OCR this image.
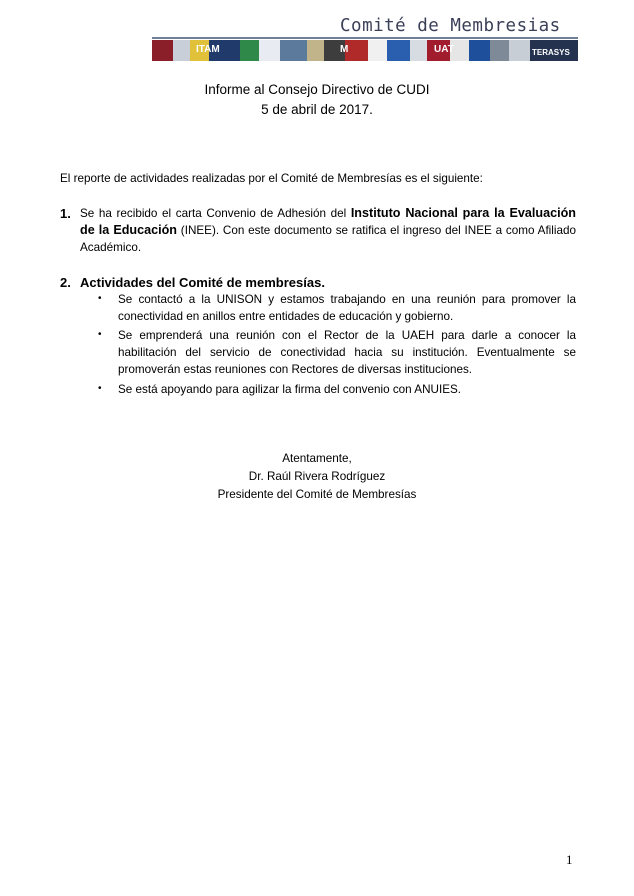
Comité de Membresias
ITAM	M	UAT	TERASYS
Informe al Consejo Directivo de CUDI
5 de abril de 2017.
El reporte de actividades realizadas por el Comité de Membresías es el siguiente:
1. Se ha recibido el carta Convenio de Adhesión del Instituto Nacional para la Evaluación de la Educación (INEE). Con este documento se ratifica el ingreso del INEE a como Afiliado Académico.
2. Actividades del Comité de membresías.
• Se contactó a la UNISON y estamos trabajando en una reunión para promover la conectividad en anillos entre entidades de educación y gobierno.
• Se emprenderá una reunión con el Rector de la UAEH para darle a conocer la habilitación del servicio de conectividad hacia su institución. Eventualmente se promoverán estas reuniones con Rectores de diversas instituciones.
• Se está apoyando para agilizar la firma del convenio con ANUIES.
Atentamente,
Dr. Raúl Rivera Rodríguez
Presidente del Comité de Membresías
1
